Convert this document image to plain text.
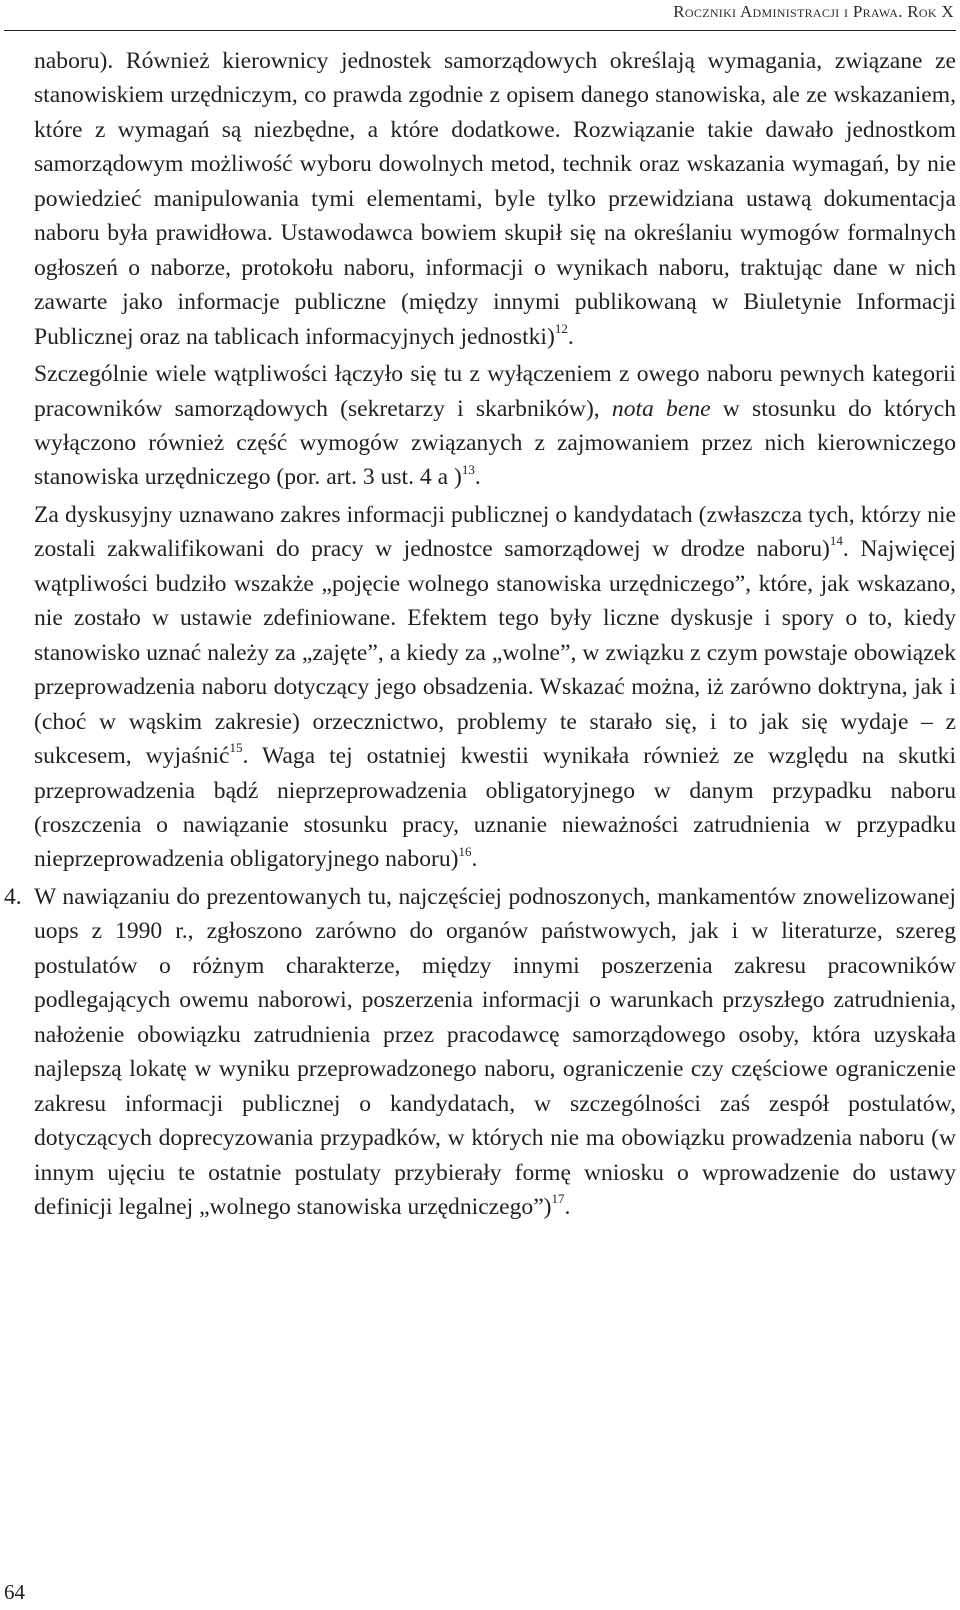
Roczniki Administracji i Prawa. Rok X

naboru). Również kierownicy jednostek samorządowych określają wymagania, związane ze stanowiskiem urzędniczym, co prawda zgodnie z opisem danego stanowiska, ale ze wskazaniem, które z wymagań są niezbędne, a które dodatkowe. Rozwiązanie takie dawało jednostkom samorządowym możliwość wyboru dowolnych metod, technik oraz wskazania wymagań, by nie powiedzieć manipulowania tymi elementami, byle tylko przewidziana ustawą dokumentacja naboru była prawidłowa. Ustawodawca bowiem skupił się na określaniu wymogów formalnych ogłoszeń o naborze, protokołu naboru, informacji o wynikach naboru, traktując dane w nich zawarte jako informacje publiczne (między innymi publikowaną w Biuletynie Informacji Publicznej oraz na tablicach informacyjnych jednostki)$^{12}$.

Szczególnie wiele wątpliwości łączyło się tu z wyłączeniem z owego naboru pewnych kategorii pracowników samorządowych (sekretarzy i skarbników), nota bene w stosunku do których wyłączono również część wymogów związanych z zajmowaniem przez nich kierowniczego stanowiska urzędniczego (por. art. 3 ust. 4 a )$^{13}$.

Za dyskusyjny uznawano zakres informacji publicznej o kandydatach (zwłaszcza tych, którzy nie zostali zakwalifikowani do pracy w jednostce samorządowej w drodze naboru)$^{14}$. Najwięcej wątpliwości budziło wszakże „pojęcie wolnego stanowiska urzędniczego”, które, jak wskazano, nie zostało w ustawie zdefiniowane. Efektem tego były liczne dyskusje i spory o to, kiedy stanowisko uznać należy za „zajęte”, a kiedy za „wolne”, w związku z czym powstaje obowiązek przeprowadzenia naboru dotyczący jego obsadzenia. Wskazać można, iż zarówno doktryna, jak i (choć w wąskim zakresie) orzecznictwo, problemy te starało się, i to jak się wydaje – z sukcesem, wyjaśnić$^{15}$. Waga tej ostatniej kwestii wynikała również ze względu na skutki przeprowadzenia bądź nieprzeprowadzenia obligatoryjnego w danym przypadku naboru (roszczenia o nawiązanie stosunku pracy, uznanie nieważności zatrudnienia w przypadku nieprzeprowadzenia obligatoryjnego naboru)$^{16}$.

4. W nawiązaniu do prezentowanych tu, najczęściej podnoszonych, mankamentów znowelizowanej uops z 1990 r., zgłoszono zarówno do organów państwowych, jak i w literaturze, szereg postulatów o różnym charakterze, między innymi poszerzenia zakresu pracowników podlegających owemu naborowi, poszerzenia informacji o warunkach przyszłego zatrudnienia, nałożenie obowiązku zatrudnienia przez pracodawcę samorządowego osoby, która uzyskała najlepszą lokatę w wyniku przeprowadzonego naboru, ograniczenie czy częściowe ograniczenie zakresu informacji publicznej o kandydatach, w szczególności zaś zespół postulatów, dotyczących doprecyzowania przypadków, w których nie ma obowiązku prowadzenia naboru (w innym ujęciu te ostatnie postulaty przybierały formę wniosku o wprowadzenie do ustawy definicji legalnej „wolnego stanowiska urzędniczego”)$^{17}$.

64
